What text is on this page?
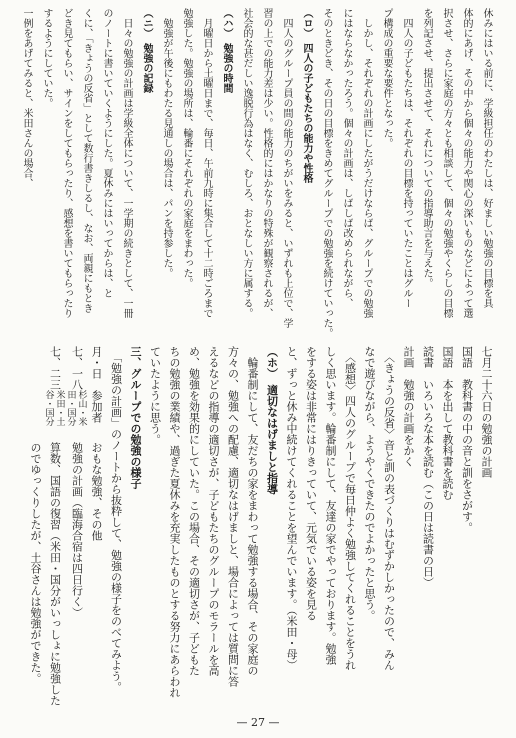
休みにはいる前に、学級担任のわたしは、好ましい勉強の目標を具

体的にあげ、その中から個々の能力や関心の深いものなどによって選

択させ、さらに家庭の方々とも相談して、個々の勉強やくらしの目標

を列記させ、提出させて、それについての指導助言を与えた。

　四人の子どもたちは、それぞれの目標を持っていたことはグルー

プ構成の重要な要件となった。

　しかし、それぞれの計画にしたがうだけならば、グループでの勉強

にはならなかったろう。個々の計画は、しばしば改められながら、

そのときどき、その日の目標をきめてグループでの勉強を続けていった。

（ロ）　四人の子どもたちの能力や性格

　四人のグループ員の間の能力のちがいをみると、いずれも上位で、学

習の上での能力差は少い。性格的にはかなりの特殊が観察されるが、

社会的な甚だしい逸脱行為はなく、むしろ、おとなしい方に属する。

（ハ）　勉強の時間

　月曜日から土曜日まで、毎日、午前九時に集合して十二時ごろまで

勉強した。勉強の場所は、輪番にそれぞれの家庭をまわった。

　勉強が午後にもわたる見通しの場合は、パンを持参した。

（ニ）　勉強の記録

　日々の勉強の計画は学級全体について、一学期の続きとして、一冊

のノートに書いていくようにした。夏休みにはいってからは、と

くに、「きょうの反省」として数行書きしるし、なお、両親にもとき

どき見てもらい、サインをしてもらったり、感想を書いてもらったり

するようにしていた。

一例をあげてみると、米田さんの場合、

七月二十六日の勉強の計画

国語　教科書の中の音と訓をさがす。

国語　本を出して教科書を読む

読書　いろいろな本を読む（この日は読書の日）

計画　勉強の計画をかく

　〈きょうの反省〉音と訓の表づくりはむずかしかったので、みん

なで遊びながら、ようやくできたのでよかったと思う。

　〈感想〉四人のグループで毎日仲よく勉強してくれることをうれ

しく思います。輪番制にして、友達の家でやっております。勉強

をする姿は非常にはりきっていて、元気でいる姿を見る

と、ずっと休み中続けてくれることを望んでいます。（米田・母）

（ホ）　適切なはげましと指導

　輪番制にして、友だちの家をまわって勉強する場合、その家庭の

方々の、勉強への配慮、適切なはげましと、場合によっては質問に答

えるなどの指導の適切さが、子どもたちのグループのモラールを高

め、勉強を効果的にしていた。この場合、その適切さが、子どもた

ちの勉強の業績や、過ぎた夏休みを充実したものとする努力にあらわれ

ていたように思う。

三、グループでの勉強の様子

　「勉強の計画」のノートから抜粋して、勉強の様子をのべてみよう。

月・日
参加者
おもな勉強、その他
七、一八
杉山・米田・国分
勉強の計画（臨海合宿は四日行く）
七、二三
米田・土谷・国分
算数、国語の復習（米田・国分がいっしょに勉強したのでゆっくりしたが、土谷さんは勉強ができた。
— 27 —
